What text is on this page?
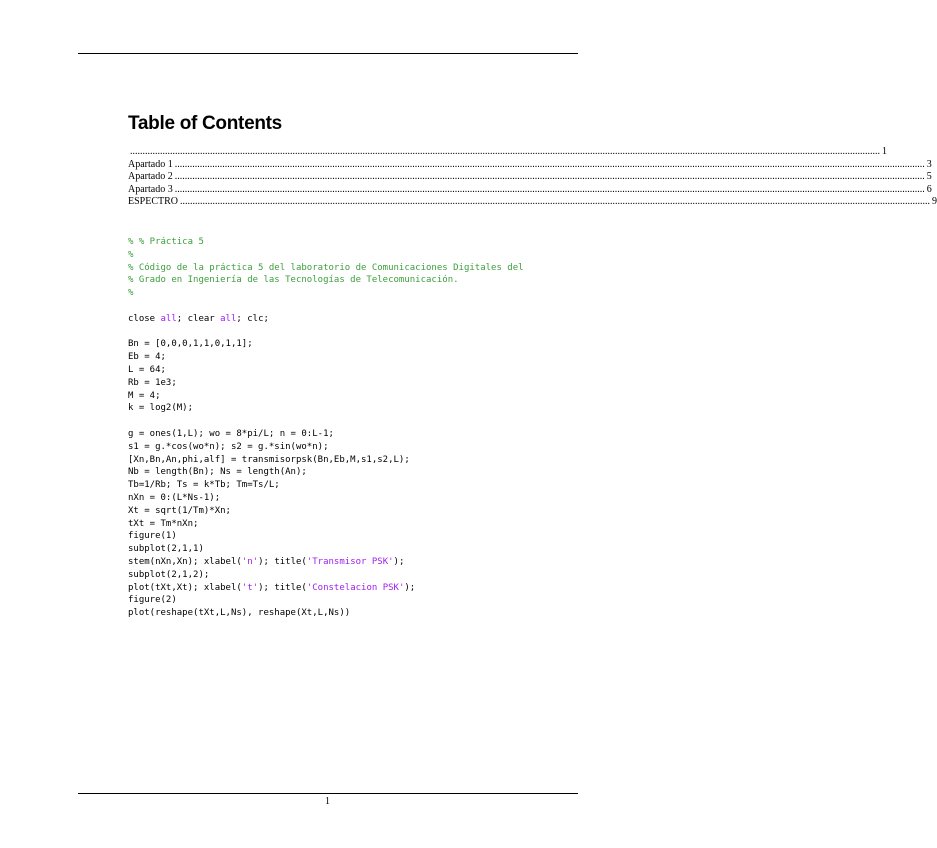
Table of Contents
............................................................................................................................................................................................................................................................................................................ 1
Apartado 1 ............................................................................................................................................................................................................................................................................................................ 3
Apartado 2 ............................................................................................................................................................................................................................................................................................................ 5
Apartado 3 ............................................................................................................................................................................................................................................................................................................ 6
ESPECTRO ............................................................................................................................................................................................................................................................................................................ 9
% % Práctica 5
%
% Código de la práctica 5 del laboratorio de Comunicaciones Digitales del
% Grado en Ingeniería de las Tecnologías de Telecomunicación.
%
close all; clear all; clc;
Bn = [0,0,0,1,1,0,1,1];
Eb = 4;
L = 64;
Rb = 1e3;
M = 4;
k = log2(M);
g = ones(1,L); wo = 8*pi/L; n = 0:L-1;
s1 = g.*cos(wo*n); s2 = g.*sin(wo*n);
[Xn,Bn,An,phi,alf] = transmisorpsk(Bn,Eb,M,s1,s2,L);
Nb = length(Bn); Ns = length(An);
Tb=1/Rb; Ts = k*Tb; Tm=Ts/L;
nXn = 0:(L*Ns-1);
Xt = sqrt(1/Tm)*Xn;
tXt = Tm*nXn;
figure(1)
subplot(2,1,1)
stem(nXn,Xn); xlabel('n'); title('Transmisor PSK');
subplot(2,1,2);
plot(tXt,Xt); xlabel('t'); title('Constelacion PSK');
figure(2)
plot(reshape(tXt,L,Ns), reshape(Xt,L,Ns))
1
